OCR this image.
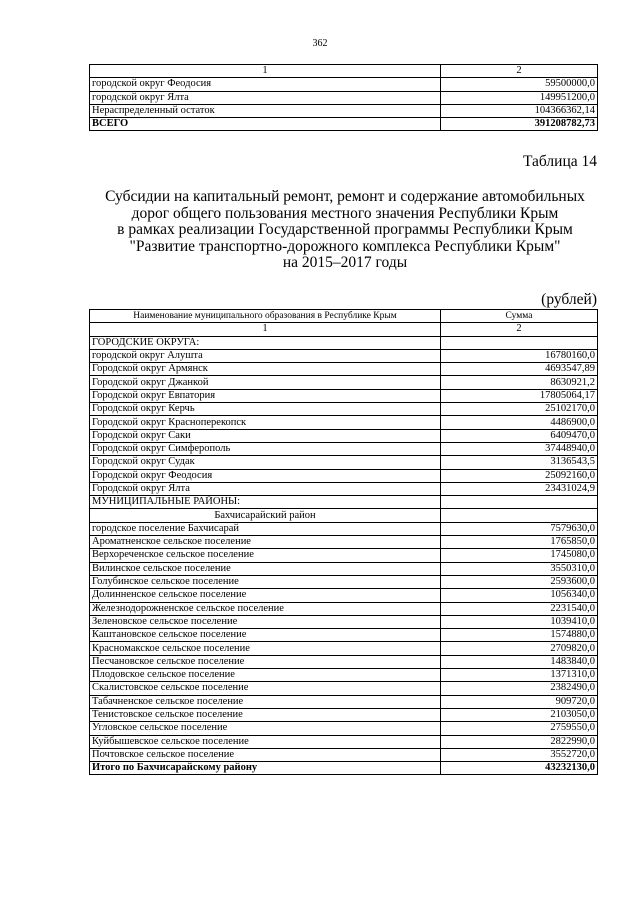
362
1	2
городской округ Феодосия	59500000,0
городской округ Ялта	149951200,0
Нераспределенный остаток	104366362,14
ВСЕГО	391208782,73
Таблица 14
Субсидии на капитальный ремонт, ремонт и содержание автомобильных
дорог общего пользования местного значения Республики Крым
в рамках реализации Государственной программы Республики Крым
"Развитие транспортно-дорожного комплекса Республики Крым"
на 2015–2017 годы
(рублей)
Наименование муниципального образования в Республике Крым	Сумма
1	2
ГОРОДСКИЕ ОКРУГА:	
городской округ Алушта	16780160,0
Городской округ Армянск	4693547,89
Городской округ Джанкой	8630921,2
Городской округ Евпатория	17805064,17
Городской округ Керчь	25102170,0
Городской округ Красноперекопск	4486900,0
Городской округ Саки	6409470,0
Городской округ Симферополь	37448940,0
Городской округ Судак	3136543,5
Городской округ Феодосия	25092160,0
Городской округ Ялта	23431024,9
МУНИЦИПАЛЬНЫЕ РАЙОНЫ:	
Бахчисарайский район	
городское поселение Бахчисарай	7579630,0
Ароматненское сельское поселение	1765850,0
Верхореченское сельское поселение	1745080,0
Вилинское сельское поселение	3550310,0
Голубинское сельское поселение	2593600,0
Долинненское сельское поселение	1056340,0
Железнодорожненское сельское поселение	2231540,0
Зеленовское сельское поселение	1039410,0
Каштановское сельское поселение	1574880,0
Красномакское сельское поселение	2709820,0
Песчановское сельское поселение	1483840,0
Плодовское сельское поселение	1371310,0
Скалистовское сельское поселение	2382490,0
Табачненское сельское поселение	909720,0
Тенистовское сельское поселение	2103050,0
Угловское сельское поселение	2759550,0
Куйбышевское сельское поселение	2822990,0
Почтовское сельское поселение	3552720,0
Итого по Бахчисарайскому району	43232130,0
